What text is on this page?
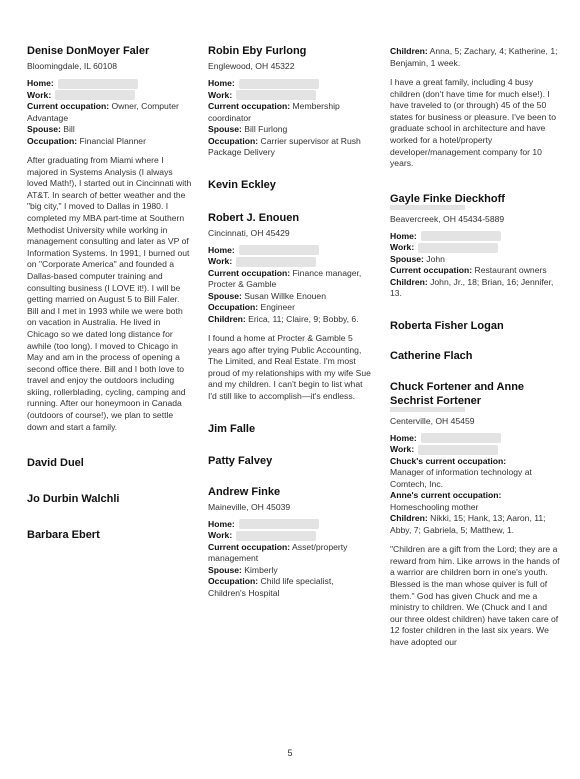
Denise DonMoyer Faler
Bloomingdale, IL 60108
Home:
Work:
Current occupation: Owner, Computer Advantage
Spouse: Bill
Occupation: Financial Planner
After graduating from Miami where I majored in Systems Analysis (I always loved Math!), I started out in Cincinnati with AT&T. In search of better weather and the "big city," I moved to Dallas in 1980. I completed my MBA part-time at Southern Methodist University while working in management consulting and later as VP of Information Systems. In 1991, I burned out on "Corporate America" and founded a Dallas-based computer training and consulting business (I LOVE it!). I will be getting married on August 5 to Bill Faler. Bill and I met in 1993 while we were both on vacation in Australia. He lived in Chicago so we dated long distance for awhile (too long). I moved to Chicago in May and am in the process of opening a second office there. Bill and I both love to travel and enjoy the outdoors including skiing, rollerblading, cycling, camping and running. After our honeymoon in Canada (outdoors of course!), we plan to settle down and start a family.
David Duel
Jo Durbin Walchli
Barbara Ebert
Robin Eby Furlong
Englewood, OH 45322
Home:
Work:
Current occupation: Membership coordinator
Spouse: Bill Furlong
Occupation: Carrier supervisor at Rush Package Delivery
Kevin Eckley
Robert J. Enouen
Cincinnati, OH 45429
Home:
Work:
Current occupation: Finance manager, Procter & Gamble
Spouse: Susan Willke Enouen
Occupation: Engineer
Children: Erica, 11; Claire, 9; Bobby, 6.
I found a home at Procter & Gamble 5 years ago after trying Public Accounting, The Limited, and Real Estate. I'm most proud of my relationships with my wife Sue and my children. I can't begin to list what I'd still like to accomplish—it's endless.
Jim Falle
Patty Falvey
Andrew Finke
Maineville, OH 45039
Home:
Work:
Current occupation: Asset/property management
Spouse: Kimberly
Occupation: Child life specialist, Children's Hospital
Children: Anna, 5; Zachary, 4; Katherine, 1; Benjamin, 1 week.
I have a great family, including 4 busy children (don't have time for much else!). I have traveled to (or through) 45 of the 50 states for business or pleasure. I've been to graduate school in architecture and have worked for a hotel/property developer/management company for 10 years.
Gayle Finke Dieckhoff
Beavercreek, OH 45434-5889
Home:
Work:
Spouse: John
Current occupation: Restaurant owners
Children: John, Jr., 18; Brian, 16; Jennifer, 13.
Roberta Fisher Logan
Catherine Flach
Chuck Fortener and Anne Sechrist Fortener
Centerville, OH 45459
Home:
Work:
Chuck's current occupation:
Manager of information technology at Comtech, Inc.
Anne's current occupation:
Homeschooling mother
Children: Nikki, 15; Hank, 13; Aaron, 11; Abby, 7; Gabriela, 5; Matthew, 1.
"Children are a gift from the Lord; they are a reward from him. Like arrows in the hands of a warrior are children born in one's youth. Blessed is the man whose quiver is full of them." God has given Chuck and me a ministry to children. We (Chuck and I and our three oldest children) have taken care of 12 foster children in the last six years. We have adopted our
5
